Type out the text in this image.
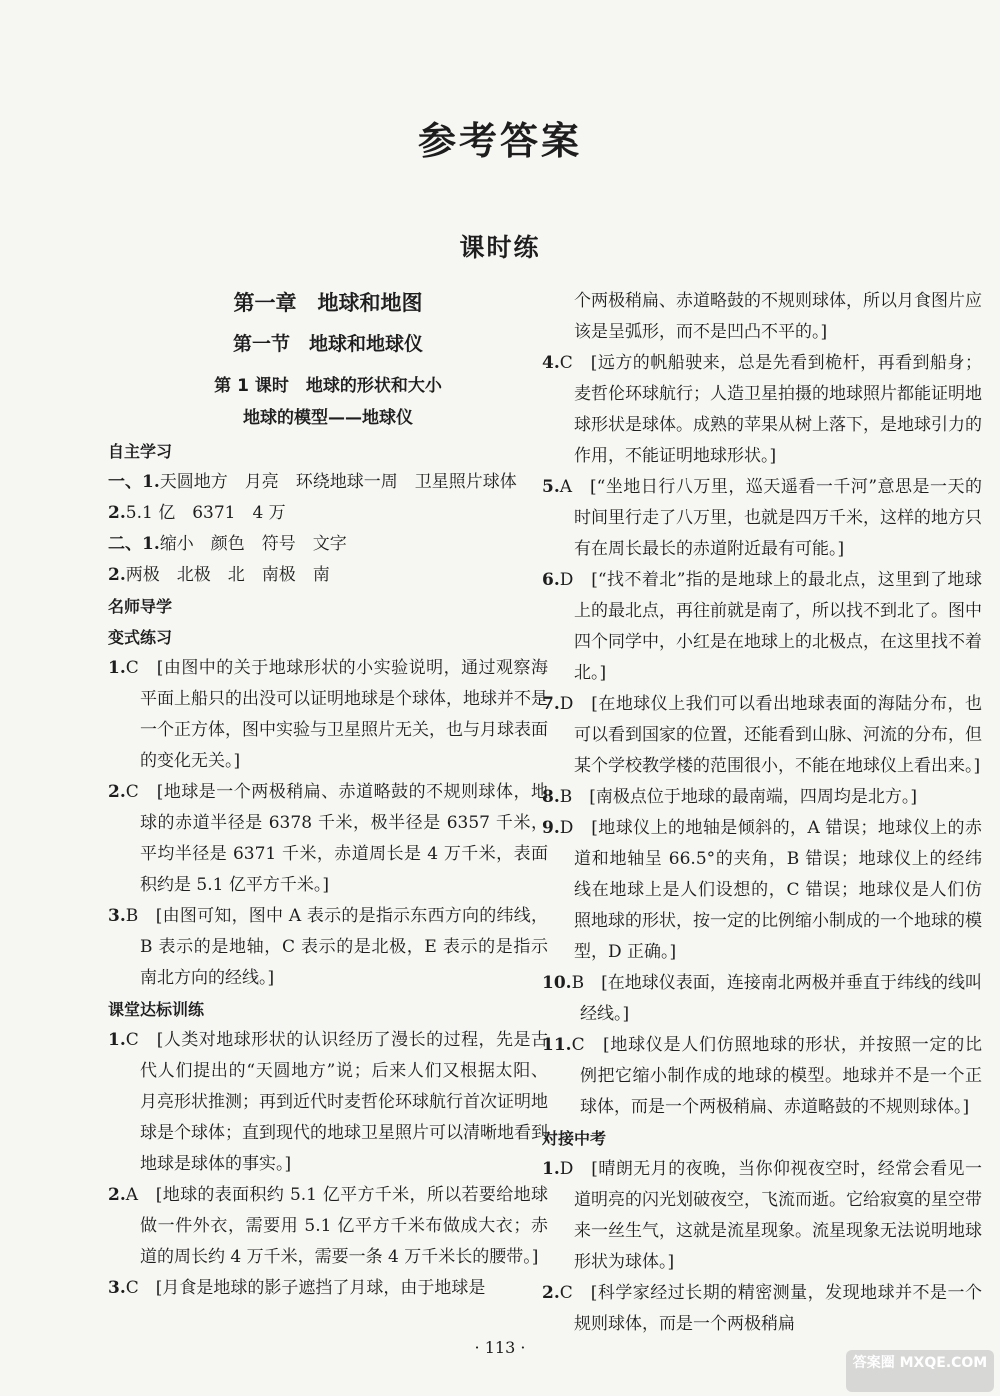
参考答案
课时练
第一章　地球和地图
第一节　地球和地球仪
第 1 课时　地球的形状和大小
地球的模型——地球仪
自主学习
一、1.天圆地方　月亮　环绕地球一周　卫星照片球体
2.5.1 亿　6371　4 万
二、1.缩小　颜色　符号　文字
2.两极　北极　北　南极　南
名师导学
变式练习
1.C　[由图中的关于地球形状的小实验说明，通过观察海平面上船只的出没可以证明地球是个球体，地球并不是一个正方体，图中实验与卫星照片无关，也与月球表面的变化无关。]
2.C　[地球是一个两极稍扁、赤道略鼓的不规则球体，地球的赤道半径是 6378 千米，极半径是 6357 千米，平均半径是 6371 千米，赤道周长是 4 万千米，表面积约是 5.1 亿平方千米。]
3.B　[由图可知，图中 A 表示的是指示东西方向的纬线，B 表示的是地轴，C 表示的是北极，E 表示的是指示南北方向的经线。]
课堂达标训练
1.C　[人类对地球形状的认识经历了漫长的过程，先是古代人们提出的“天圆地方”说；后来人们又根据太阳、月亮形状推测；再到近代时麦哲伦环球航行首次证明地球是个球体；直到现代的地球卫星照片可以清晰地看到地球是球体的事实。]
2.A　[地球的表面积约 5.1 亿平方千米，所以若要给地球做一件外衣，需要用 5.1 亿平方千米布做成大衣；赤道的周长约 4 万千米，需要一条 4 万千米长的腰带。]
3.C　[月食是地球的影子遮挡了月球，由于地球是
个两极稍扁、赤道略鼓的不规则球体，所以月食图片应该是呈弧形，而不是凹凸不平的。]
4.C　[远方的帆船驶来，总是先看到桅杆，再看到船身；麦哲伦环球航行；人造卫星拍摄的地球照片都能证明地球形状是球体。成熟的苹果从树上落下，是地球引力的作用，不能证明地球形状。]
5.A　[“坐地日行八万里，巡天遥看一千河”意思是一天的时间里行走了八万里，也就是四万千米，这样的地方只有在周长最长的赤道附近最有可能。]
6.D　[“找不着北”指的是地球上的最北点，这里到了地球上的最北点，再往前就是南了，所以找不到北了。图中四个同学中，小红是在地球上的北极点，在这里找不着北。]
7.D　[在地球仪上我们可以看出地球表面的海陆分布，也可以看到国家的位置，还能看到山脉、河流的分布，但某个学校教学楼的范围很小，不能在地球仪上看出来。]
8.B　[南极点位于地球的最南端，四周均是北方。]
9.D　[地球仪上的地轴是倾斜的，A 错误；地球仪上的赤道和地轴呈 66.5°的夹角，B 错误；地球仪上的经纬线在地球上是人们设想的，C 错误；地球仪是人们仿照地球的形状，按一定的比例缩小制成的一个地球的模型，D 正确。]
10.B　[在地球仪表面，连接南北两极并垂直于纬线的线叫经线。]
11.C　[地球仪是人们仿照地球的形状，并按照一定的比例把它缩小制作成的地球的模型。地球并不是一个正球体，而是一个两极稍扁、赤道略鼓的不规则球体。]
对接中考
1.D　[晴朗无月的夜晚，当你仰视夜空时，经常会看见一道明亮的闪光划破夜空，飞流而逝。它给寂寞的星空带来一丝生气，这就是流星现象。流星现象无法说明地球形状为球体。]
2.C　[科学家经过长期的精密测量，发现地球并不是一个规则球体，而是一个两极稍扁
· 113 ·
答案圈 MXQE.COM
